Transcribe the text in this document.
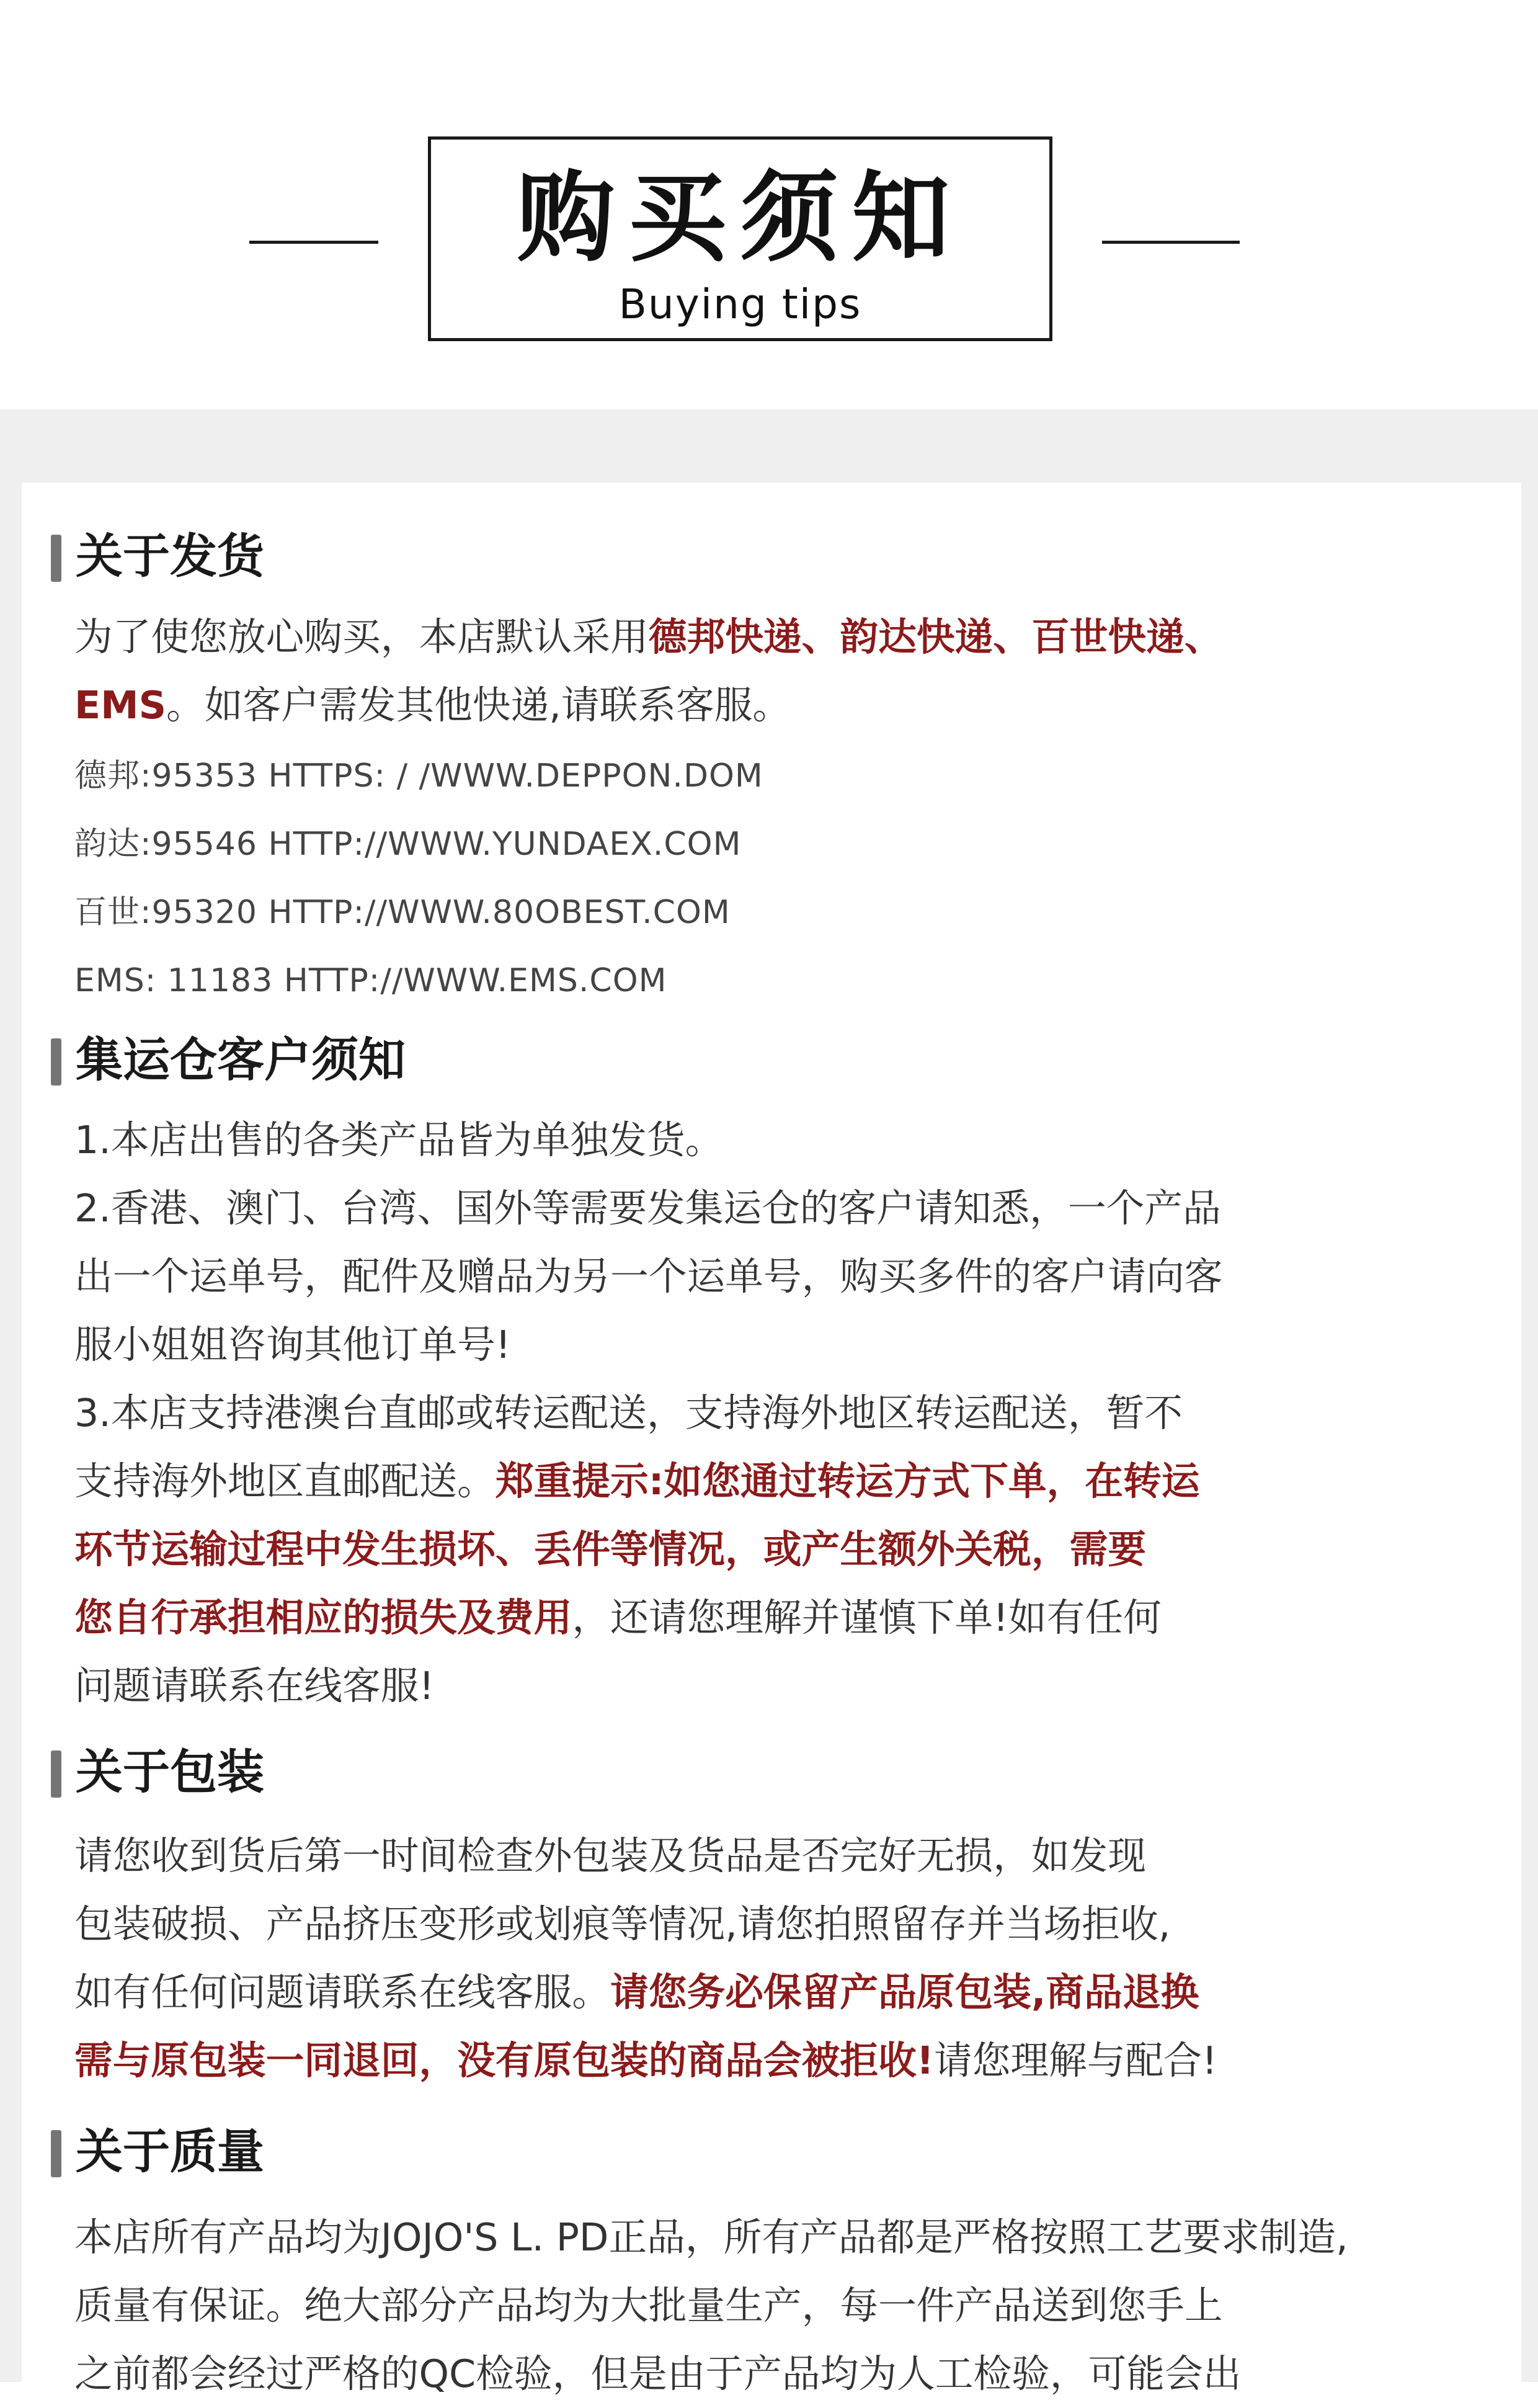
购买须知
Buying tips
关于发货
为了使您放心购买，本店默认采用德邦快递、韵达快递、百世快递、
EMS。如客户需发其他快递,请联系客服。
德邦:95353 HTTPS: / /WWW.DEPPON.DOM
韵达:95546 HTTP://WWW.YUNDAEX.COM
百世:95320 HTTP://WWW.80OBEST.COM
EMS: 11183 HTTP://WWW.EMS.COM
集运仓客户须知
1.本店出售的各类产品皆为单独发货。
2.香港、澳门、台湾、国外等需要发集运仓的客户请知悉，一个产品
出一个运单号，配件及赠品为另一个运单号，购买多件的客户请向客
服小姐姐咨询其他订单号!
3.本店支持港澳台直邮或转运配送，支持海外地区转运配送，暂不
支持海外地区直邮配送。郑重提示:如您通过转运方式下单，在转运
环节运输过程中发生损坏、丢件等情况，或产生额外关税，需要
您自行承担相应的损失及费用，还请您理解并谨慎下单!如有任何
问题请联系在线客服!
关于包装
请您收到货后第一时间检查外包装及货品是否完好无损，如发现
包装破损、产品挤压变形或划痕等情况,请您拍照留存并当场拒收,
如有任何问题请联系在线客服。请您务必保留产品原包装,商品退换
需与原包装一同退回，没有原包装的商品会被拒收!请您理解与配合!
关于质量
本店所有产品均为JOJO'S L. PD正品，所有产品都是严格按照工艺要求制造,
质量有保证。绝大部分产品均为大批量生产，每一件产品送到您手上
之前都会经过严格的QC检验，但是由于产品均为人工检验，可能会出
